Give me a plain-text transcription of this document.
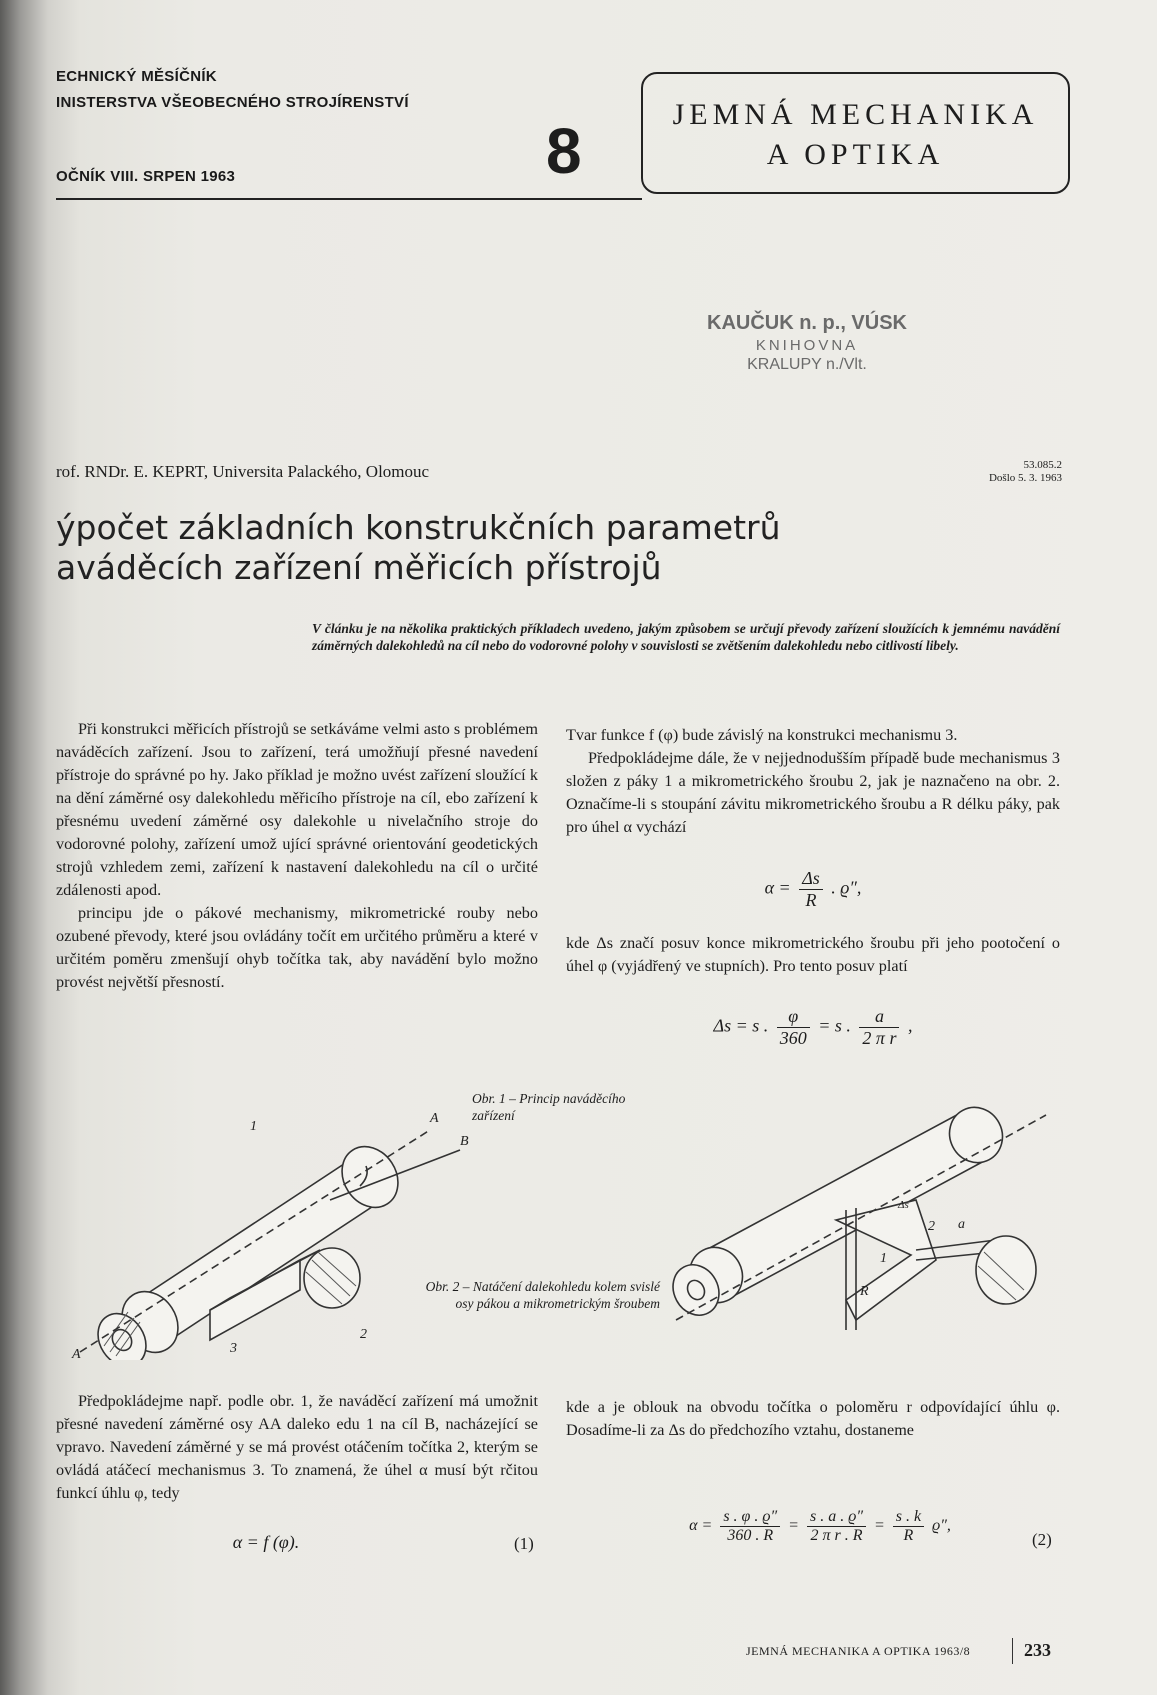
ECHNICKÝ MĚSÍČNÍK
INISTERSTVA VŠEOBECNÉHO STROJÍRENSTVÍ
OČNÍK VIII. SRPEN 1963	8
JEMNÁ MECHANIKA
A OPTIKA
KAUČUK n. p., VÚSK
KNIHOVNA
KRALUPY n./Vlt.
rof. RNDr. E. KEPRT, Universita Palackého, Olomouc	53.085.2
Došlo 5. 3. 1963
ýpočet základních konstrukčních parametrů
aváděcích zařízení měřicích přístrojů
V článku je na několika praktických příkladech uvedeno, jakým způsobem se určují převody zařízení sloužících k jemnému navádění záměrných dalekohledů na cíl nebo do vodorovné polohy v souvislosti se zvětšením dalekohledu nebo citlivostí libely.

Při konstrukci měřicích přístrojů se setkáváme velmi asto s problémem naváděcích zařízení. Jsou to zařízení, terá umožňují přesné navedení přístroje do správné po hy. Jako příklad je možno uvést zařízení sloužící k na dění záměrné osy dalekohledu měřicího přístroje na cíl, ebo zařízení k přesnému uvedení záměrné osy dalekohle u nivelačního stroje do vodorovné polohy, zařízení umož ující správné orientování geodetických strojů vzhledem zemi, zařízení k nastavení dalekohledu na cíl o určité zdálenosti apod.

principu jde o pákové mechanismy, mikrometrické rouby nebo ozubené převody, které jsou ovládány točít em určitého průměru a které v určitém poměru zmenšují ohyb točítka tak, aby navádění bylo možno provést největší přesností.

Tvar funkce f (φ) bude závislý na konstrukci mechanismu 3.

Předpokládejme dále, že v nejjednodušším případě bude mechanismus 3 složen z páky 1 a mikrometrického šroubu 2, jak je naznačeno na obr. 2. Označíme-li s stoupání závitu mikrometrického šroubu a R délku páky, pak pro úhel α vychází

$\alpha = \frac{\Delta s}{R}$ . ϱ″,

kde Δs značí posuv konce mikrometrického šroubu při jeho pootočení o úhel φ (vyjádřený ve stupních). Pro tento posuv platí

Δs = s . $\frac{\varphi}{360} = s$ . $\frac{a}{\text{2 π r}}$ ,
A
B
1
3
2
A
Obr. 1 – Princip naváděcího zařízení
Obr. 2 – Natáčení dalekohledu kolem svislé osy pákou a mikrometrickým šroubem
Δs
2 a
1
R

Předpokládejme např. podle obr. 1, že naváděcí zařízení má umožnit přesné navedení záměrné osy AA daleko edu 1 na cíl B, nacházející se vpravo. Navedení záměrné y se má provést otáčením točítka 2, kterým se ovládá atáčecí mechanismus 3. To znamená, že úhel α musí být rčitou funkcí úhlu φ, tedy

α = f (φ).	(1)

kde a je oblouk na obvodu točítka o poloměru r odpovídající úhlu φ. Dosadíme-li za Δs do předchozího vztahu, dostaneme

$\alpha = \frac{s . \varphi . ϱ''}{360 . R} = \frac{s . a . ϱ''}{\text{2 π r . R}} = \frac{s . k}{R} ϱ''$,
(2)
JEMNÁ MECHANIKA A OPTIKA 1963/8	233
